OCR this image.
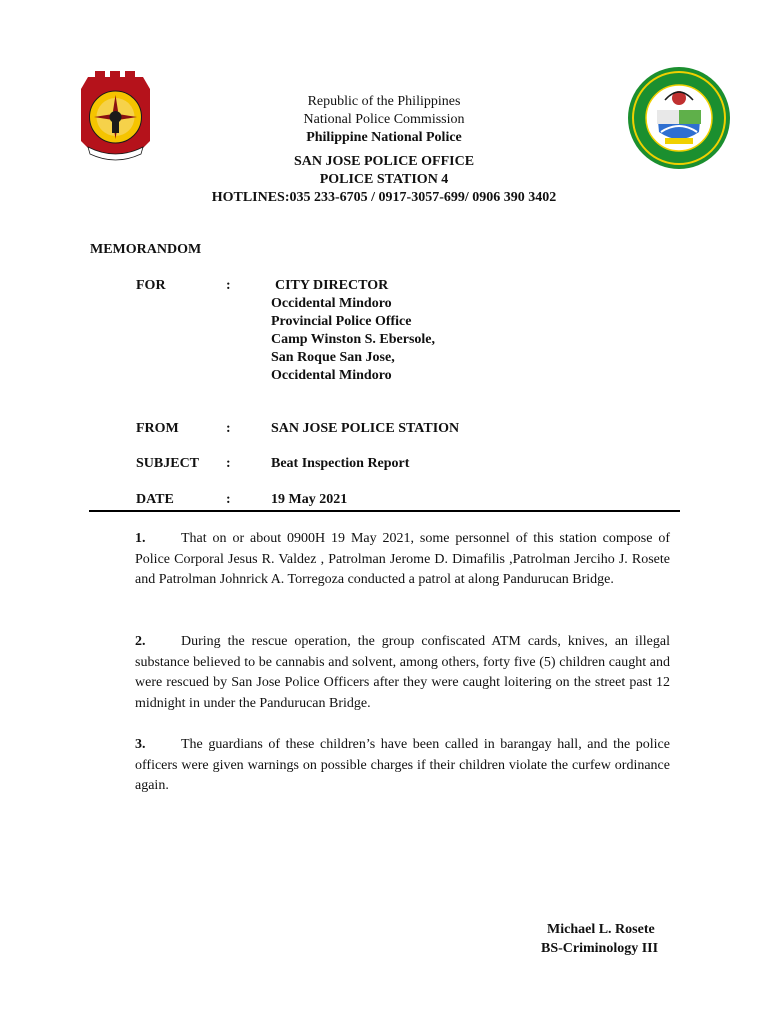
Republic of the Philippines
National Police Commission
Philippine National Police
SAN JOSE POLICE OFFICE
POLICE STATION 4
HOTLINES:035 233-6705 / 0917-3057-699/ 0906 390 3402
MEMORANDOM
FOR	:	CITY DIRECTOR
Occidental Mindoro
Provincial Police Office
Camp Winston S. Ebersole,
San Roque San Jose,
Occidental Mindoro
FROM	:	SAN JOSE POLICE STATION
SUBJECT :	Beat Inspection Report
DATE	:	19 May 2021
1.	That on or about 0900H 19 May 2021, some personnel of this station compose of Police Corporal Jesus R. Valdez , Patrolman Jerome D. Dimafilis ,Patrolman Jerciho J. Rosete and Patrolman Johnrick A. Torregoza conducted a patrol at along Pandurucan Bridge.
2.	During the rescue operation, the group confiscated ATM cards, knives, an illegal substance believed to be cannabis and solvent, among others, forty five (5) children caught and were rescued by San Jose Police Officers after they were caught loitering on the street past 12 midnight in under the Pandurucan Bridge.
3.	The guardians of these children’s have been called in barangay hall, and the police officers were given warnings on possible charges if their children violate the curfew ordinance again.
Michael L. Rosete
BS-Criminology III
